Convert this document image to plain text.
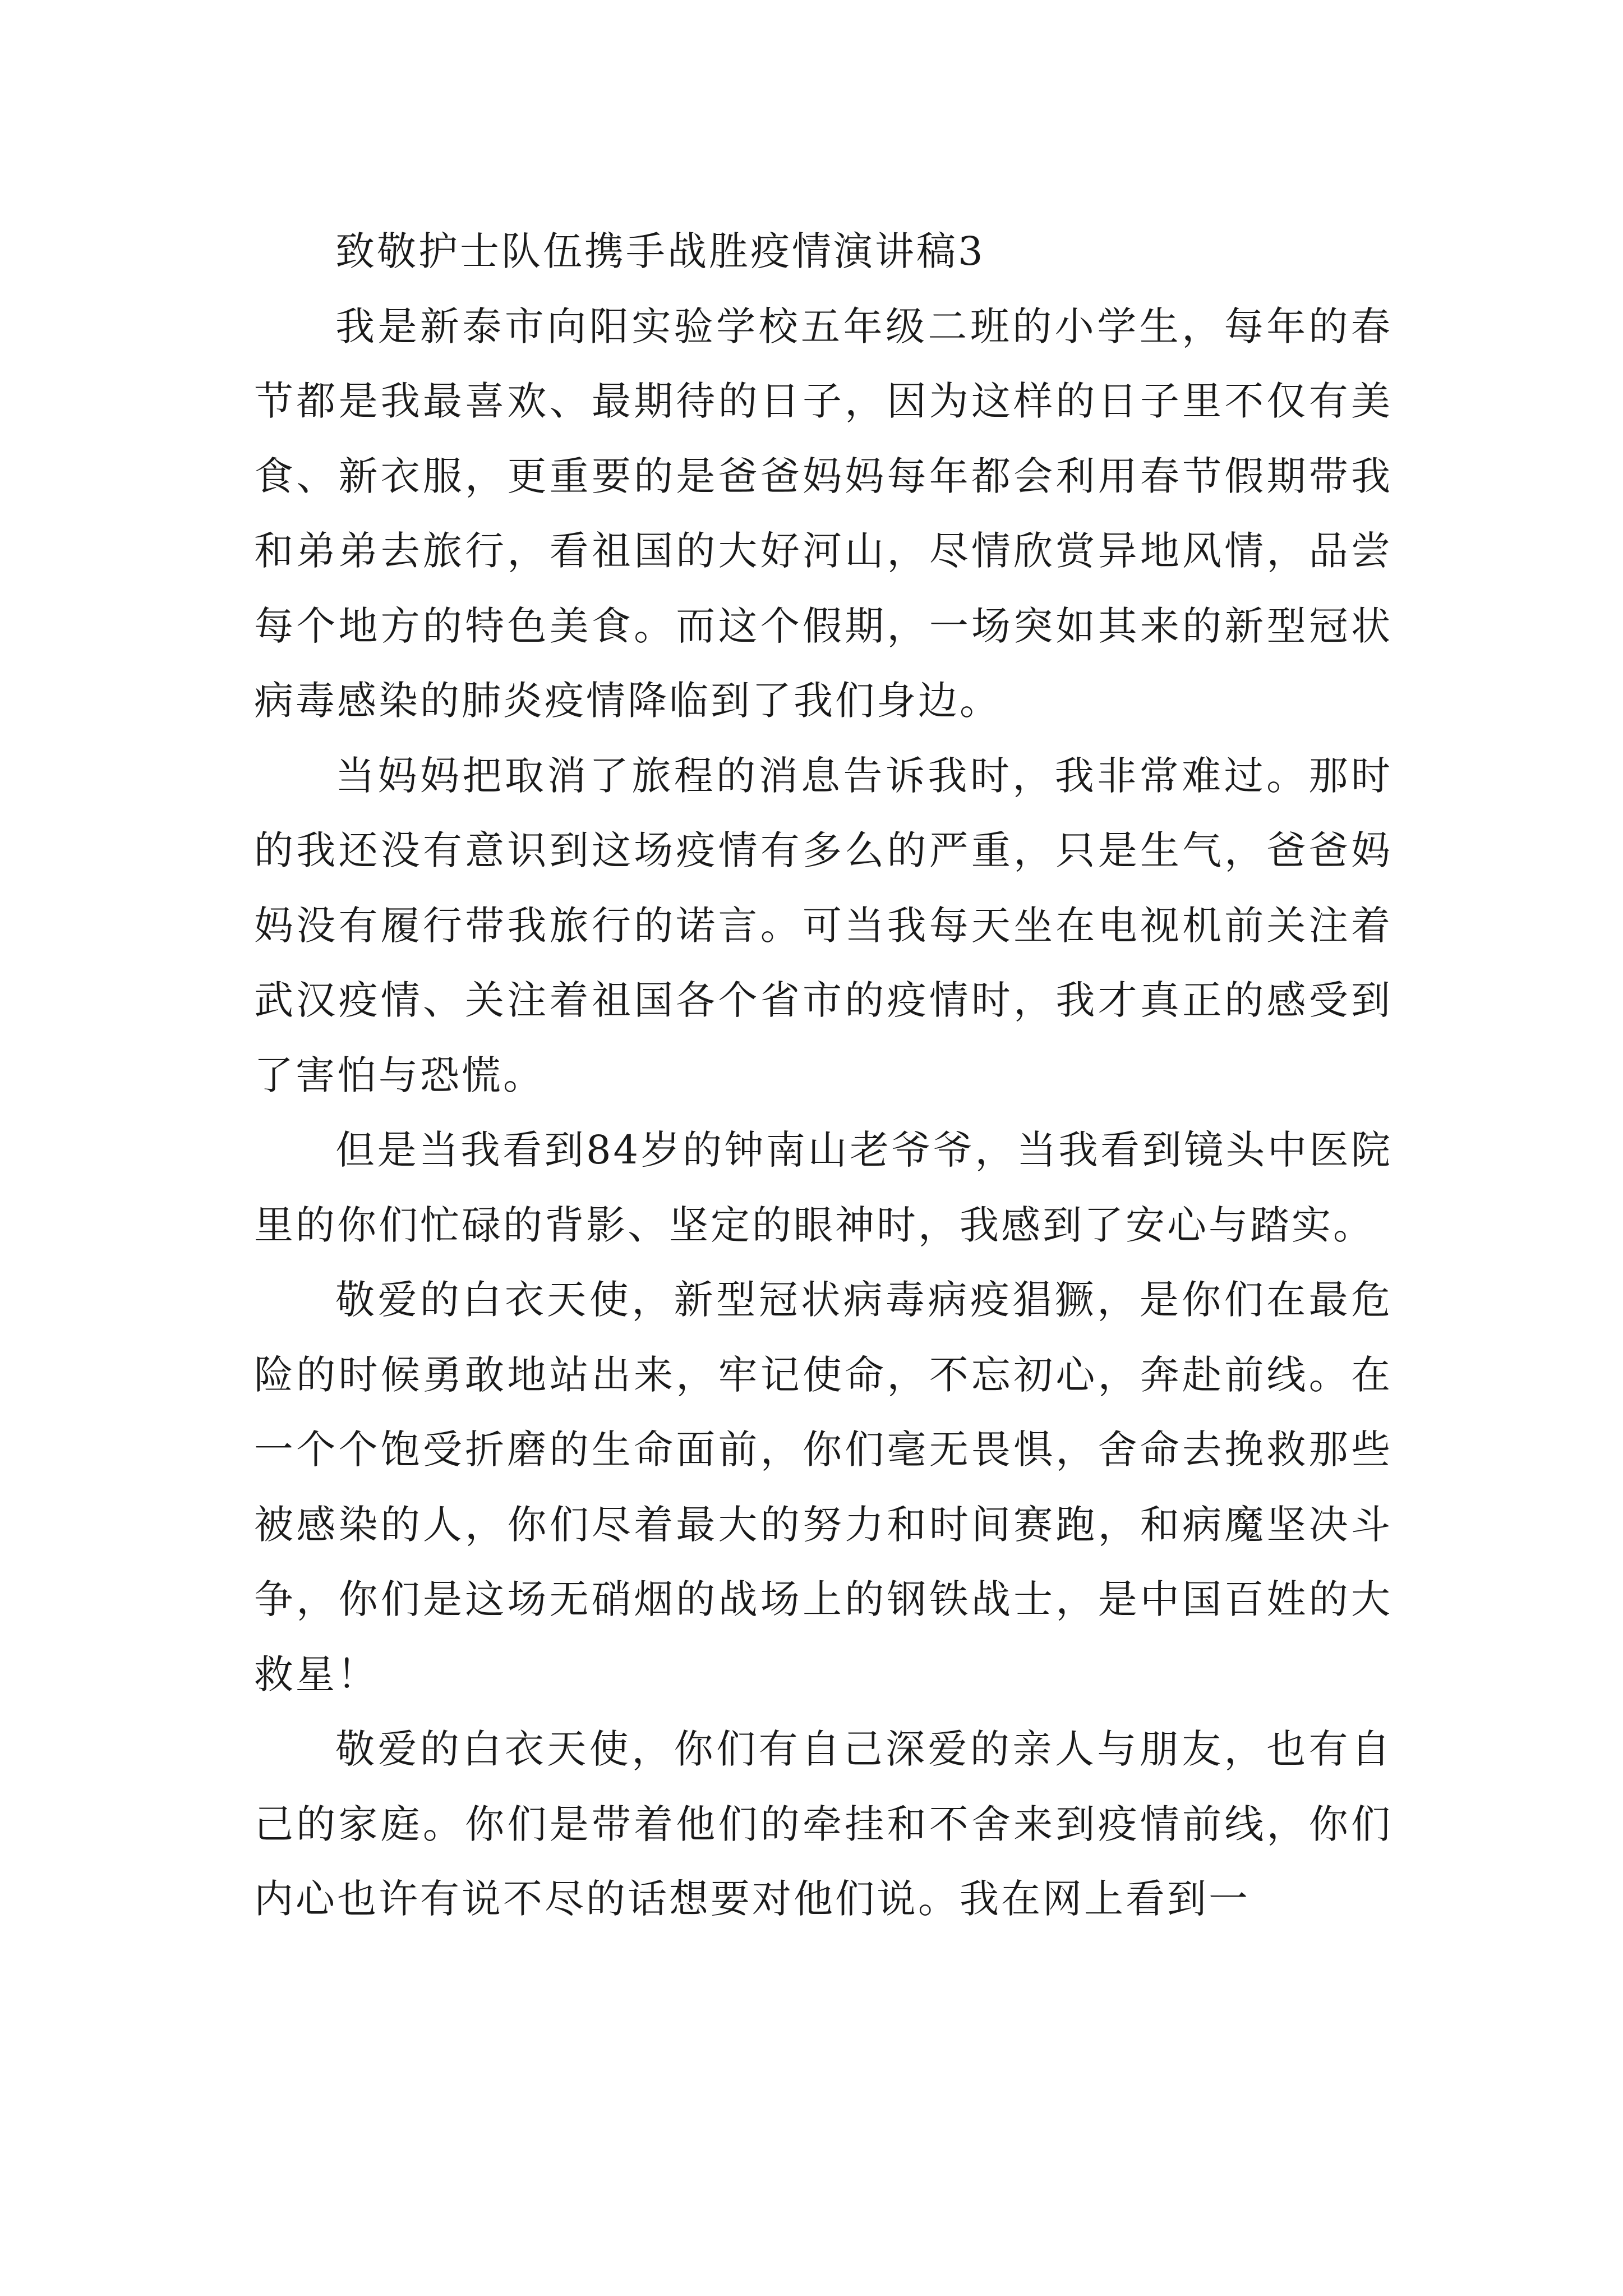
致敬护士队伍携手战胜疫情演讲稿3

我是新泰市向阳实验学校五年级二班的小学生，每年的春节都是我最喜欢、最期待的日子，因为这样的日子里不仅有美食、新衣服，更重要的是爸爸妈妈每年都会利用春节假期带我和弟弟去旅行，看祖国的大好河山，尽情欣赏异地风情，品尝每个地方的特色美食。而这个假期，一场突如其来的新型冠状病毒感染的肺炎疫情降临到了我们身边。

当妈妈把取消了旅程的消息告诉我时，我非常难过。那时的我还没有意识到这场疫情有多么的严重，只是生气，爸爸妈妈没有履行带我旅行的诺言。可当我每天坐在电视机前关注着武汉疫情、关注着祖国各个省市的疫情时，我才真正的感受到了害怕与恐慌。

但是当我看到84岁的钟南山老爷爷，当我看到镜头中医院里的你们忙碌的背影、坚定的眼神时，我感到了安心与踏实。

敬爱的白衣天使，新型冠状病毒病疫猖獗，是你们在最危险的时候勇敢地站出来，牢记使命，不忘初心，奔赴前线。在一个个饱受折磨的生命面前，你们毫无畏惧，舍命去挽救那些被感染的人，你们尽着最大的努力和时间赛跑，和病魔坚决斗争，你们是这场无硝烟的战场上的钢铁战士，是中国百姓的大救星！

敬爱的白衣天使，你们有自己深爱的亲人与朋友，也有自己的家庭。你们是带着他们的牵挂和不舍来到疫情前线，你们内心也许有说不尽的话想要对他们说。我在网上看到一
